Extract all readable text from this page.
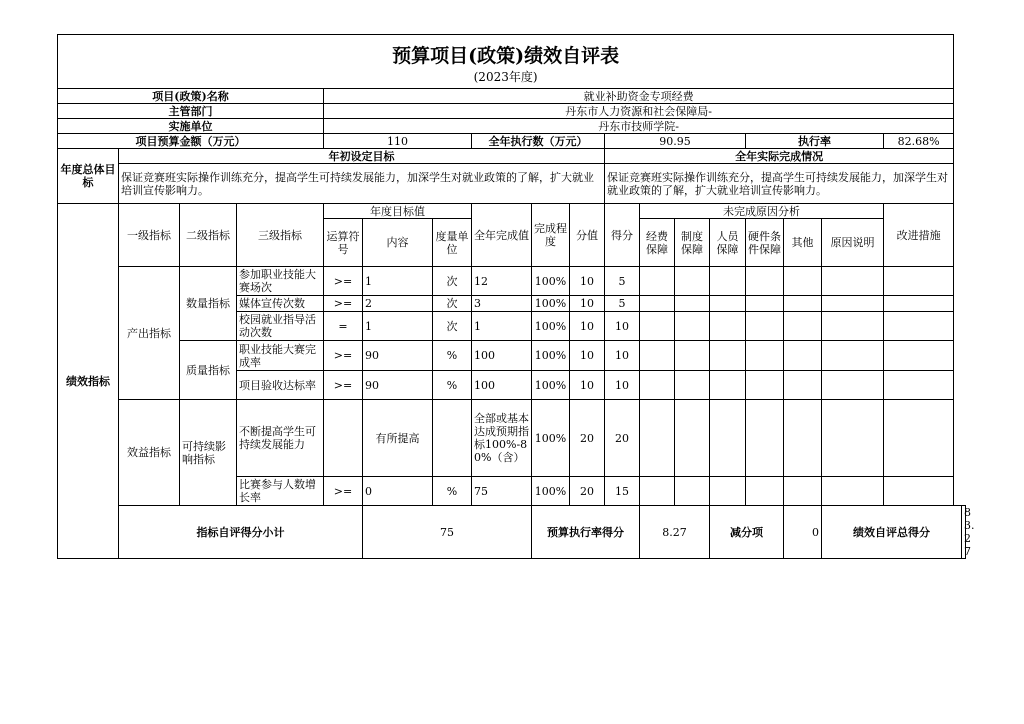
预算项目(政策)绩效自评表
(2023年度)																		

项目(政策)名称				就业补助资金专项经费														
主管部门				丹东市人力资源和社会保障局-														
实施单位				丹东市技师学院-														
项目预算金额（万元）				110			全年执行数（万元）			90.95				执行率			82.68%	
年度总体目标	年初设定目标									全年实际完成情况								
	保证竞赛班实际操作训练充分，提高学生可持续发展能力，加深学生对就业政策的了解，扩大就业培训宣传影响力。									保证竞赛班实际操作训练充分，提高学生可持续发展能力，加深学生对就业政策的了解，扩大就业培训宣传影响力。								
绩效指标	一级指标	二级指标	三级指标	年度目标值			全年完成值	完成程度	分值	得分	未完成原因分析						改进措施	
				运算符号	内容	度量单位					经费保障	制度保障	人员保障	硬件条件保障	其他	原因说明		
	产出指标	数量指标	参加职业技能大赛场次	>=	1	次	12	100%	10	5								
			媒体宣传次数	>=	2	次	3	100%	10	5								
			校园就业指导活动次数	=	1	次	1	100%	10	10								
		质量指标	职业技能大赛完成率	>=	90	%	100	100%	10	10								
			项目验收达标率	>=	90	%	100	100%	10	10								
	效益指标	可持续影响指标	不断提高学生可持续发展能力		有所提高		全部或基本达成预期指标100%-80%（含）	100%	20	20								
			比赛参与人数增长率	>=	0	%	75	100%	20	15								
	指标自评得分小计				75			预算执行率得分			8.27		减分项		0	绩效自评总得分		83.27
